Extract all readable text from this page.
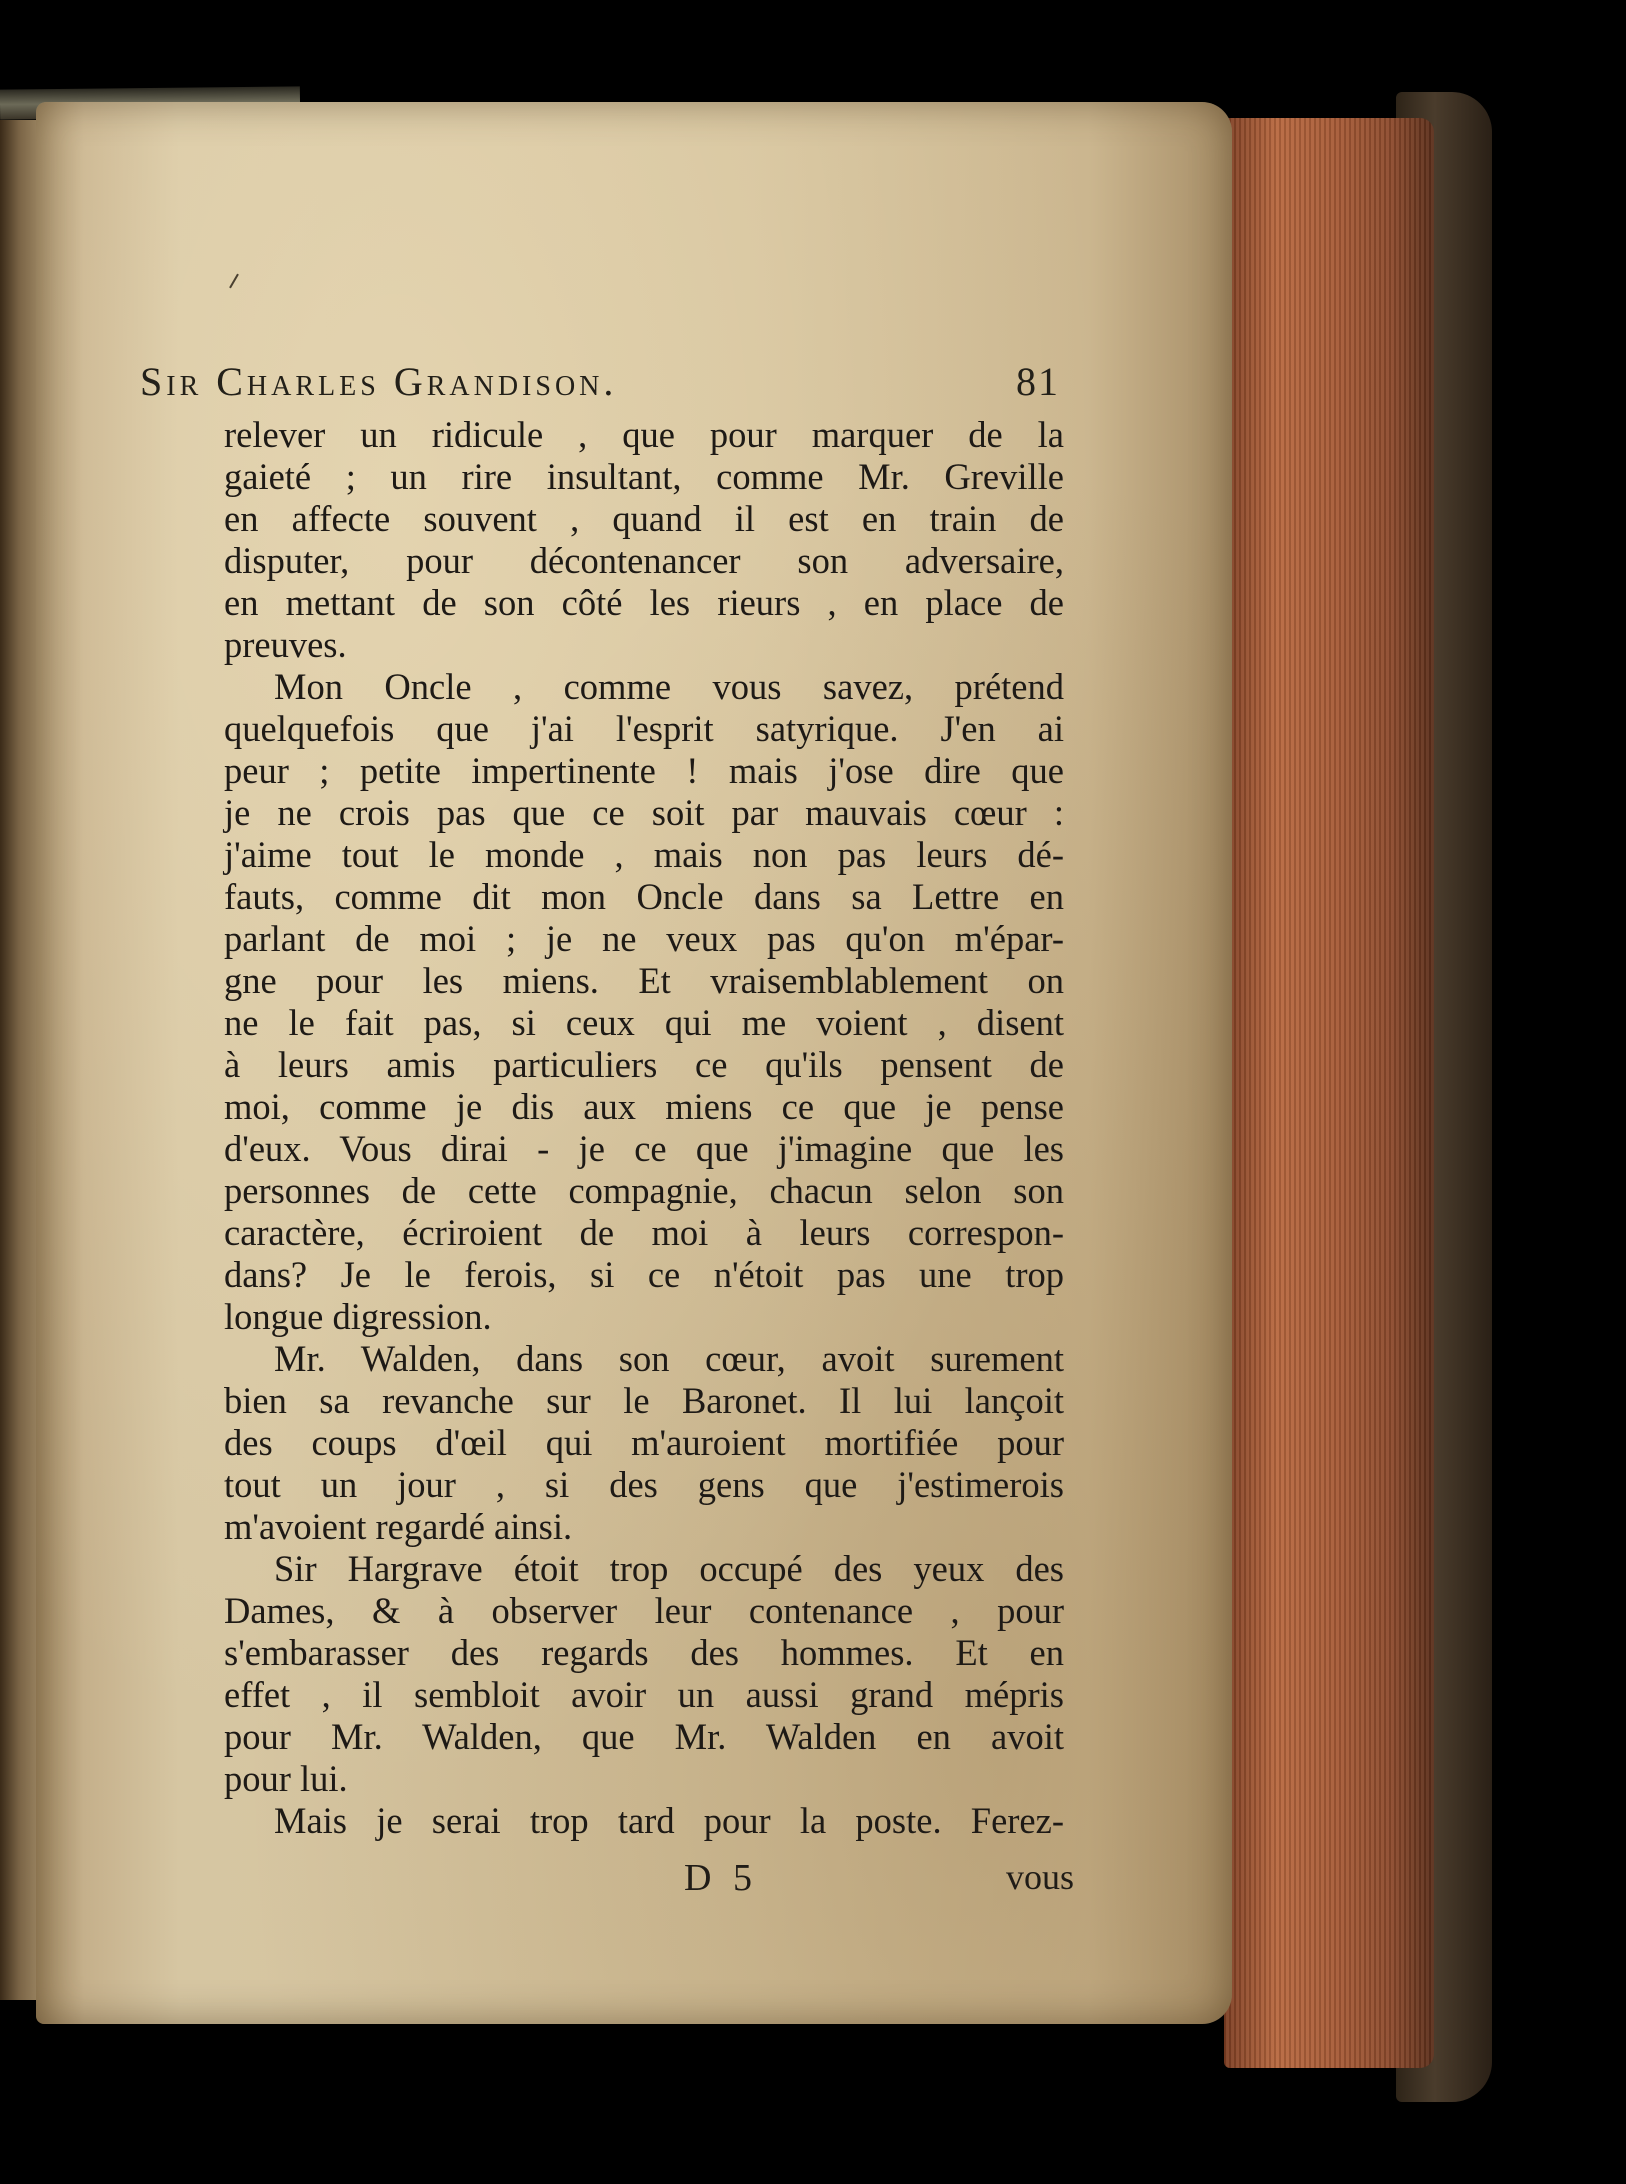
Sir Charles Grandison.	81
relever un ridicule , que pour marquer de la
gaieté ; un rire insultant, comme Mr. Greville
en affecte souvent , quand il est en train de
disputer, pour décontenancer son adversaire,
en mettant de son côté les rieurs , en place de
preuves.
Mon Oncle , comme vous savez, prétend
quelquefois que j'ai l'esprit satyrique. J'en ai
peur ; petite impertinente ! mais j'ose dire que
je ne crois pas que ce soit par mauvais cœur :
j'aime tout le monde , mais non pas leurs dé-
fauts, comme dit mon Oncle dans sa Lettre en
parlant de moi ; je ne veux pas qu'on m'épar-
gne pour les miens. Et vraisemblablement on
ne le fait pas, si ceux qui me voient , disent
à leurs amis particuliers ce qu'ils pensent de
moi, comme je dis aux miens ce que je pense
d'eux. Vous dirai - je ce que j'imagine que les
personnes de cette compagnie, chacun selon son
caractère, écriroient de moi à leurs correspon-
dans? Je le ferois, si ce n'étoit pas une trop
longue digression.
Mr. Walden, dans son cœur, avoit surement
bien sa revanche sur le Baronet. Il lui lançoit
des coups d'œil qui m'auroient mortifiée pour
tout un jour , si des gens que j'estimerois
m'avoient regardé ainsi.
Sir Hargrave étoit trop occupé des yeux des
Dames, & à observer leur contenance , pour
s'embarasser des regards des hommes. Et en
effet , il sembloit avoir un aussi grand mépris
pour Mr. Walden, que Mr. Walden en avoit
pour lui.
Mais je serai trop tard pour la poste. Ferez-
D 5	vous
